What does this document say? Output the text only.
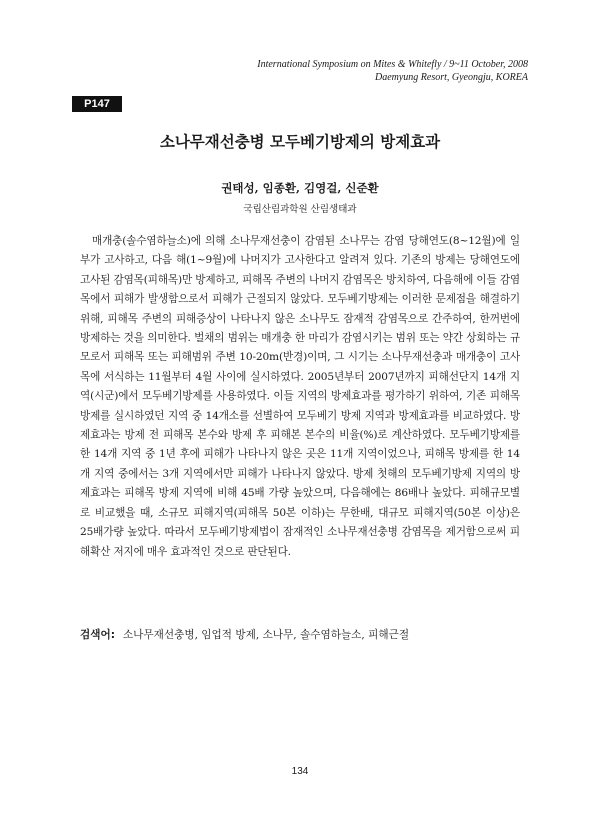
International Symposium on Mites & Whitefly / 9~11 October, 2008
Daemyung Resort, Gyeongju, KOREA
P147
소나무재선충병 모두베기방제의 방제효과
권태성, 임종환, 김영걸, 신준환
국립산림과학원 산림생태과

매개충(솔수염하늘소)에 의해 소나무재선충이 감염된 소나무는 감염 당해연도(8~12월)에 일부가 고사하고, 다음 해(1~9월)에 나머지가 고사한다고 알려져 있다. 기존의 방제는 당해연도에 고사된 감염목(피해목)만 방제하고, 피해목 주변의 나머지 감염목은 방치하여, 다음해에 이들 감염목에서 피해가 발생함으로서 피해가 근절되지 않았다. 모두베기방제는 이러한 문제점을 해결하기 위해, 피해목 주변의 피해증상이 나타나지 않은 소나무도 잠재적 감염목으로 간주하여, 한꺼번에 방제하는 것을 의미한다. 벌채의 범위는 매개충 한 마리가 감염시키는 범위 또는 약간 상회하는 규모로서 피해목 또는 피해범위 주변 10-20m(반경)이며, 그 시기는 소나무재선충과 매개충이 고사목에 서식하는 11월부터 4월 사이에 실시하였다. 2005년부터 2007년까지 피해선단지 14개 지역(시군)에서 모두베기방제를 사용하였다. 이들 지역의 방제효과를 평가하기 위하여, 기존 피해목 방제를 실시하였던 지역 중 14개소를 선별하여 모두베기 방제 지역과 방제효과를 비교하였다. 방제효과는 방제 전 피해목 본수와 방제 후 피해본 본수의 비율(%)로 계산하였다. 모두베기방제를 한 14개 지역 중 1년 후에 피해가 나타나지 않은 곳은 11개 지역이었으나, 피해목 방제를 한 14개 지역 중에서는 3개 지역에서만 피해가 나타나지 않았다. 방제 첫해의 모두베기방제 지역의 방제효과는 피해목 방제 지역에 비해 45배 가량 높았으며, 다음해에는 86배나 높았다. 피해규모별로 비교했을 때, 소규모 피해지역(피해목 50본 이하)는 무한배, 대규모 피해지역(50본 이상)은 25배가량 높았다. 따라서 모두베기방제법이 잠재적인 소나무재선충병 감염목을 제거함으로써 피해확산 저지에 매우 효과적인 것으로 판단된다.

검색어: 소나무재선충병, 임업적 방제, 소나무, 솔수염하늘소, 피해근절
134
